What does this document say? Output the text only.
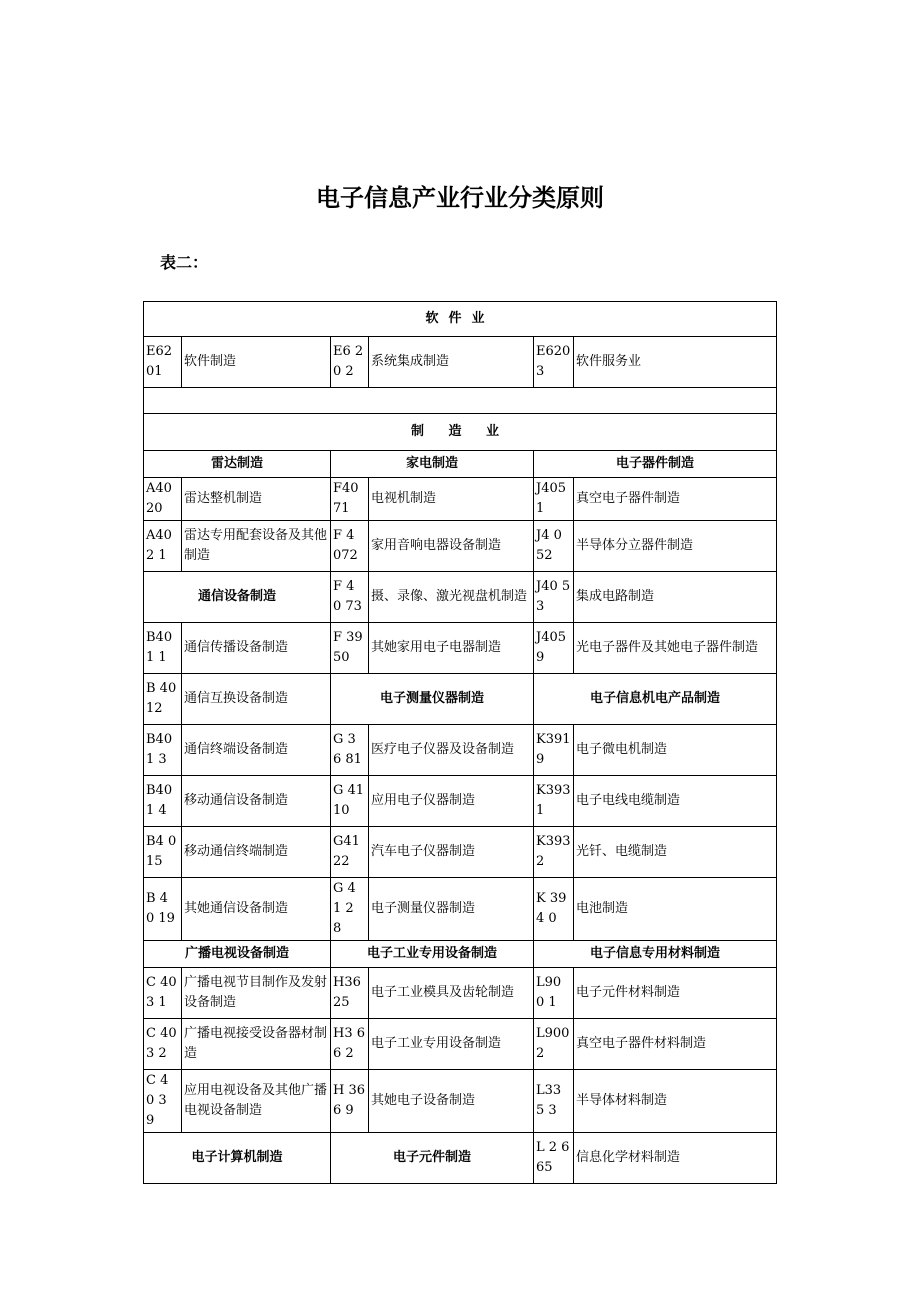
电子信息产业行业分类原则
表二：
软件业					
E6201	软件制造	E6 2 0 2	系统集成制造	E6203	软件服务业

制 造 业					
雷达制造		家电制造		电子器件制造	
A4020	雷达整机制造	F4071	电视机制造	J4051	真空电子器件制造
A402 1	雷达专用配套设备及其他制造	F 4 072	家用音响电器设备制造	J4 0 52	半导体分立器件制造
通信设备制造		F 4 0 73	摄、录像、激光视盘机制造	J40 5 3	集成电路制造
B40 1 1	通信传播设备制造	F 3950	其她家用电子电器制造	J405 9	光电子器件及其她电子器件制造
B 4012	通信互换设备制造	电子测量仪器制造		电子信息机电产品制造	
B40 1 3	通信终端设备制造	G 3 6 81	医疗电子仪器及设备制造	K391 9	电子微电机制造
B40 1 4	移动通信设备制造	G 4110	应用电子仪器制造	K3931	电子电线电缆制造
B4 0 15	移动通信终端制造	G4122	汽车电子仪器制造	K393 2	光钎、电缆制造
B 4 0 19	其她通信设备制造	G 4 1 2 8	电子测量仪器制造	K 394 0	电池制造
广播电视设备制造		电子工业专用设备制造		电子信息专用材料制造	
C 40 3 1	广播电视节目制作及发射设备制造	H3625	电子工业模具及齿轮制造	L90 0 1	电子元件材料制造
C 40 3 2	广播电视接受设备器材制造	H3 6 6 2	电子工业专用设备制造	L900 2	真空电子器件材料制造
C 4 0 3 9	应用电视设备及其他广播电视设备制造	H 36 6 9	其她电子设备制造	L33 5 3	半导体材料制造
电子计算机制造		电子元件制造		L 2 665	信息化学材料制造
